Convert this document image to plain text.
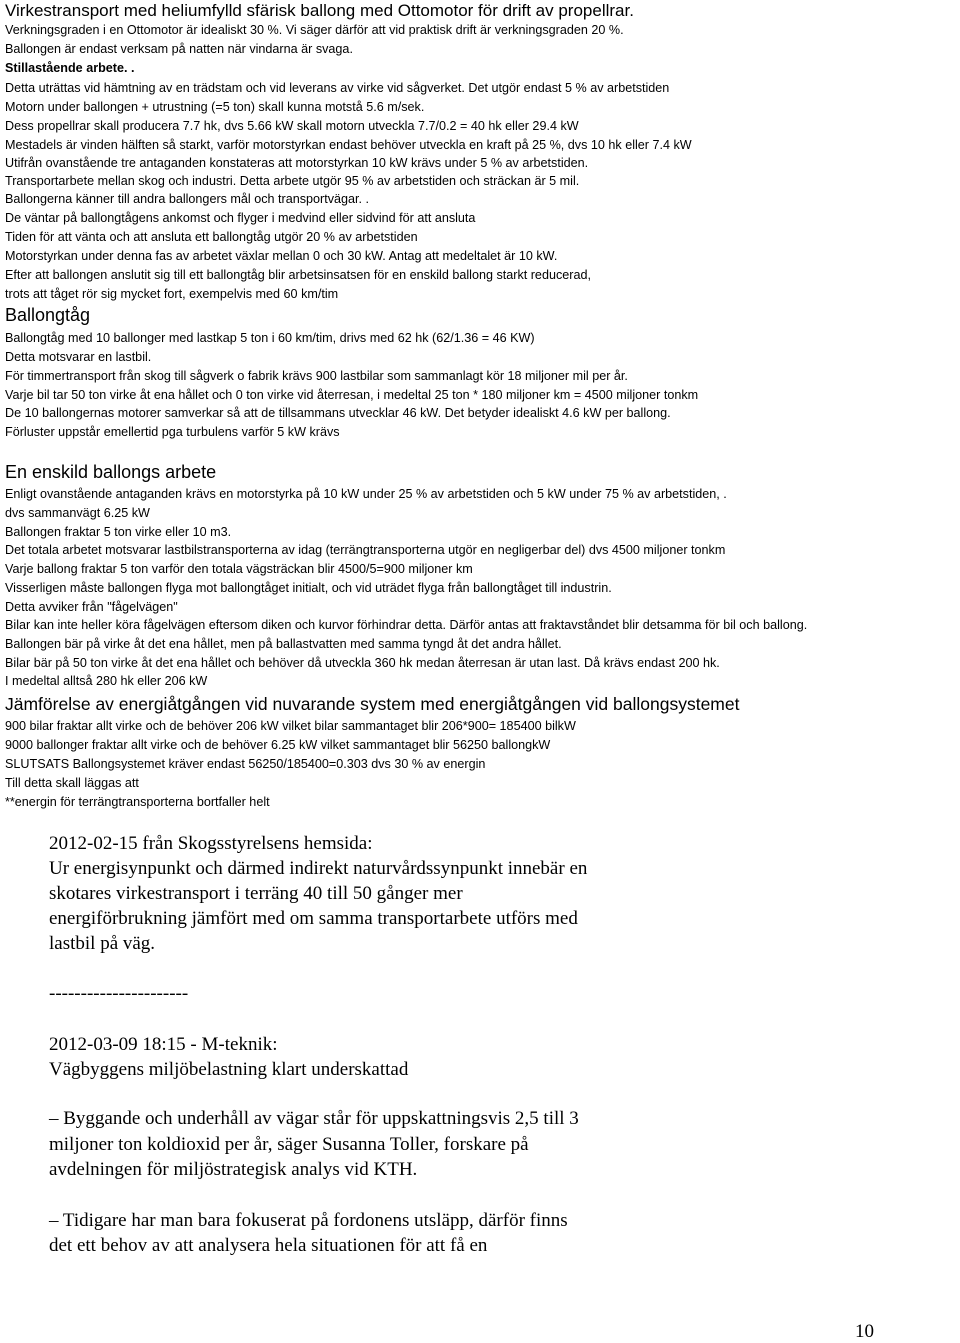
Virkestransport med heliumfylld sfärisk ballong med Ottomotor för drift av propellrar.
Verkningsgraden i en Ottomotor är idealiskt 30 %. Vi säger därför att vid praktisk drift är verkningsgraden 20 %.
Ballongen är endast verksam på natten när vindarna är svaga.
Stillastående arbete. .
Detta uträttas vid hämtning av en trädstam och vid leverans av virke vid sågverket. Det utgör endast 5 % av arbetstiden
Motorn under ballongen + utrustning (=5 ton) skall kunna motstå 5.6 m/sek.
Dess propellrar skall producera 7.7 hk, dvs 5.66 kW skall motorn utveckla 7.7/0.2 = 40 hk eller 29.4 kW
Mestadels är vinden hälften så starkt, varför motorstyrkan endast behöver utveckla en kraft på 25 %, dvs 10 hk eller 7.4 kW
Utifrån ovanstående tre antaganden konstateras att motorstyrkan 10 kW krävs under 5 % av arbetstiden.
Transportarbete mellan skog och industri. Detta arbete utgör 95 % av arbetstiden och sträckan är 5 mil.
Ballongerna känner till andra ballongers mål och transportvägar. .
De väntar på ballongtågens ankomst och flyger i medvind eller sidvind för att ansluta
Tiden för att vänta och att ansluta ett ballongtåg utgör 20 % av arbetstiden
Motorstyrkan under denna fas av arbetet växlar mellan 0 och 30 kW. Antag att medeltalet är 10 kW.
Efter att ballongen anslutit sig till ett ballongtåg blir arbetsinsatsen för en enskild ballong starkt reducerad,
trots att tåget rör sig mycket fort, exempelvis med 60 km/tim
Ballongtåg
Ballongtåg med 10 ballonger med lastkap 5 ton i 60 km/tim, drivs med 62 hk (62/1.36 = 46 KW)
Detta motsvarar en lastbil.
För timmertransport från skog till sågverk o fabrik krävs 900 lastbilar som sammanlagt kör 18 miljoner mil per år.
Varje bil tar 50 ton virke åt ena hållet och 0 ton virke vid återresan, i medeltal 25 ton * 180 miljoner km = 4500 miljoner tonkm
De 10 ballongernas motorer samverkar så att de tillsammans utvecklar 46 kW. Det betyder idealiskt 4.6 kW per ballong.
Förluster uppstår emellertid pga turbulens varför 5 kW krävs
En enskild ballongs arbete
Enligt ovanstående antaganden krävs en motorstyrka på 10 kW under 25 % av arbetstiden och 5 kW under 75 % av arbetstiden, .
dvs sammanvägt 6.25 kW
Ballongen fraktar 5 ton virke eller 10 m3.
Det totala arbetet motsvarar lastbilstransporterna av idag (terrängtransporterna utgör en negligerbar del) dvs 4500 miljoner tonkm
Varje ballong fraktar 5 ton varför den totala vägsträckan blir 4500/5=900 miljoner km
Visserligen måste ballongen flyga mot ballongtåget initialt, och vid uträdet flyga från ballongtåget till industrin.
Detta avviker från "fågelvägen"
Bilar kan inte heller köra fågelvägen eftersom diken och kurvor förhindrar detta. Därför antas att fraktavståndet blir detsamma för bil och ballong.
Ballongen bär på virke åt det ena hållet, men på ballastvatten med samma tyngd åt det andra hållet.
Bilar bär på 50 ton virke åt det ena hållet och behöver då utveckla 360 hk medan återresan är utan last. Då krävs endast 200 hk.
I medeltal alltså 280 hk eller 206 kW
Jämförelse av energiåtgången vid nuvarande system med energiåtgången vid ballongsystemet
900 bilar fraktar allt virke och de behöver 206 kW vilket bilar sammantaget blir 206*900= 185400 bilkW
9000 ballonger fraktar allt virke och de behöver 6.25 kW vilket sammantaget blir 56250 ballongkW
SLUTSATS Ballongsystemet kräver endast 56250/185400=0.303 dvs 30 % av energin
Till detta skall läggas att
**energin för terrängtransporterna bortfaller helt
2012-02-15 från Skogsstyrelsens hemsida:
Ur energisynpunkt och därmed indirekt naturvårdssynpunkt innebär en
skotares virkestransport i terräng 40 till 50 gånger mer
energiförbrukning jämfört med om samma transportarbete utförs med
lastbil på väg.
----------------------
2012-03-09 18:15 - M-teknik:
Vägbyggens miljöbelastning klart underskattad
– Byggande och underhåll av vägar står för uppskattningsvis 2,5 till 3
miljoner ton koldioxid per år, säger Susanna Toller, forskare på
avdelningen för miljöstrategisk analys vid KTH.
– Tidigare har man bara fokuserat på fordonens utsläpp, därför finns
det ett behov av att analysera hela situationen för att få en
10
